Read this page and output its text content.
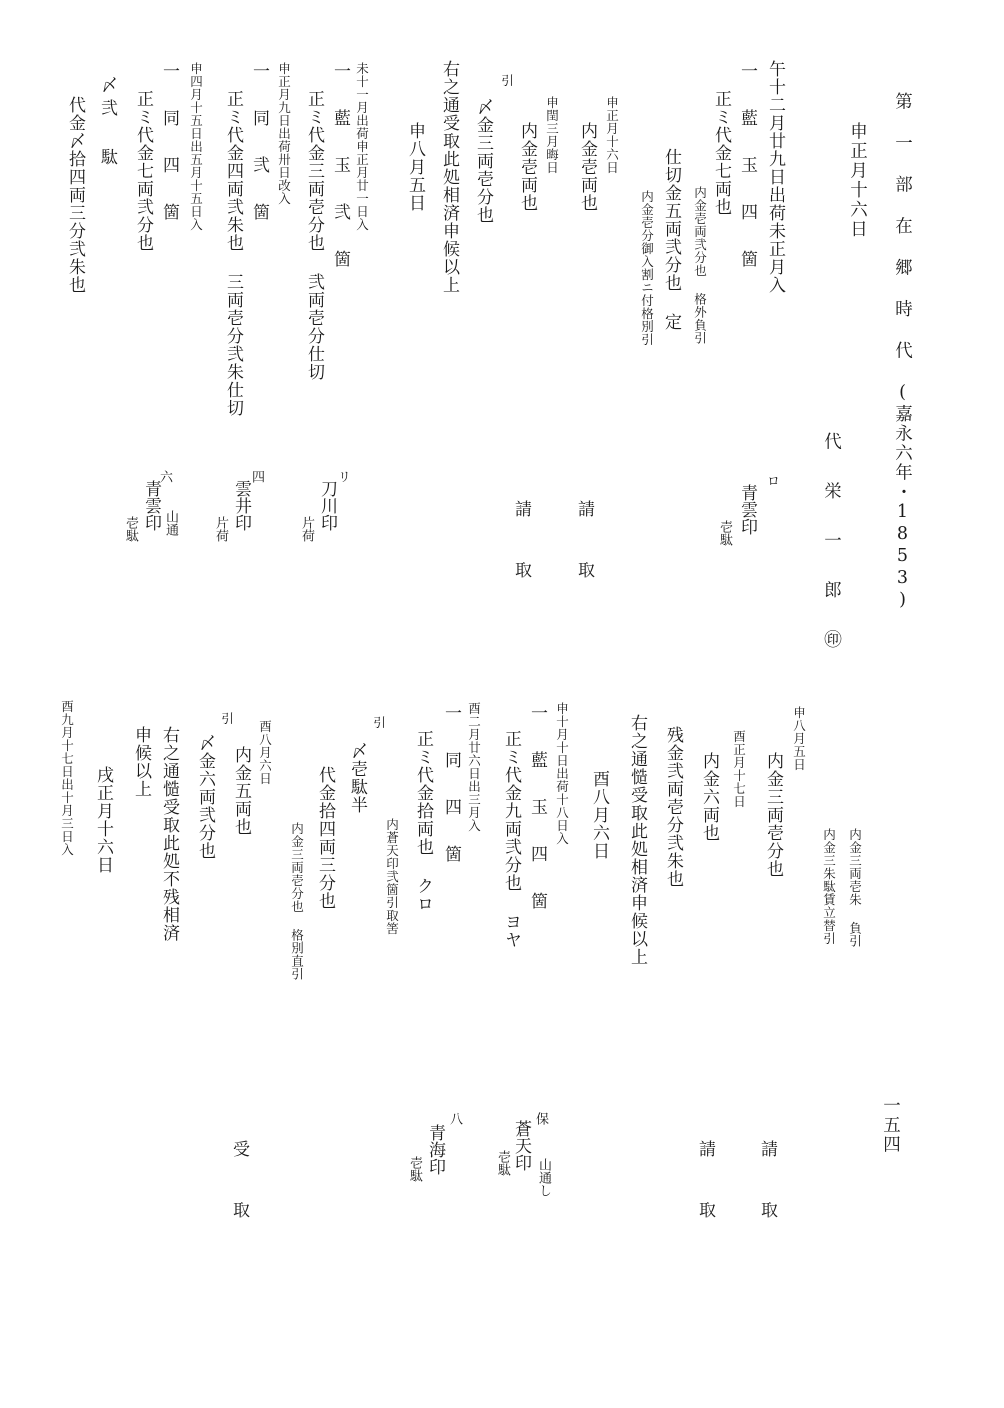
第 一 部 在 郷 時 代 (嘉永六年・1853)
一五四
申正月十六日
代 栄 一 郎 ㊞
午十二月廿九日出荷未正月入
一 藍 玉 四 箇
正ミ代金七両也
内金壱両弐分也 格外負引
仕切金五両弐分也 定
内金壱分御入割ニ付格別引
申正月十六日
内金壱両也
申閏三月晦日
内金壱両也
引
〆金三両壱分也
右之通受取此処相済申候以上
申八月五日
未十一月出荷申正月廿一日入
一 藍 玉 弐 箇
正ミ代金三両壱分也 弐両壱分仕切
申正月九日出荷卅日改入
一 同 弐 箇
正ミ代金四両弐朱也 三両壱分弐朱仕切
申四月十五日出五月十五日入
一 同 四 箇
正ミ代金七両弐分也
〆弐 駄
代金〆拾四両三分弐朱也
請 取
請 取
ロ
青雲印
壱駄
リ
刀川印
片荷
四
雲井印
片荷
六
青雲印 山通
壱駄
内金三両壱朱 負引
内金三朱駄賃立替引
申八月五日
内金三両壱分也
酉正月十七日
内金六両也
残金弐両壱分弐朱也
右之通慥受取此処相済申候以上
酉八月六日
申十月十日出荷十八日入
一 藍 玉 四 箇
正ミ代金九両弐分也 ヨヤ
酉二月廿六日出三月入
一 同 四 箇
正ミ代金拾両也 クロ
内蒼天印弐箇引取筈
引
〆壱駄半
代金拾四両三分也
内金三両壱分也 格別直引
酉八月六日
内金五両也
引
〆金六両弐分也
右之通慥受取此処不残相済
申候以上
戌正月十六日
酉九月十七日出十月三日入
請 取
請 取
受 取
保
蒼天印
山通し
壱駄
八
青海印
壱駄
